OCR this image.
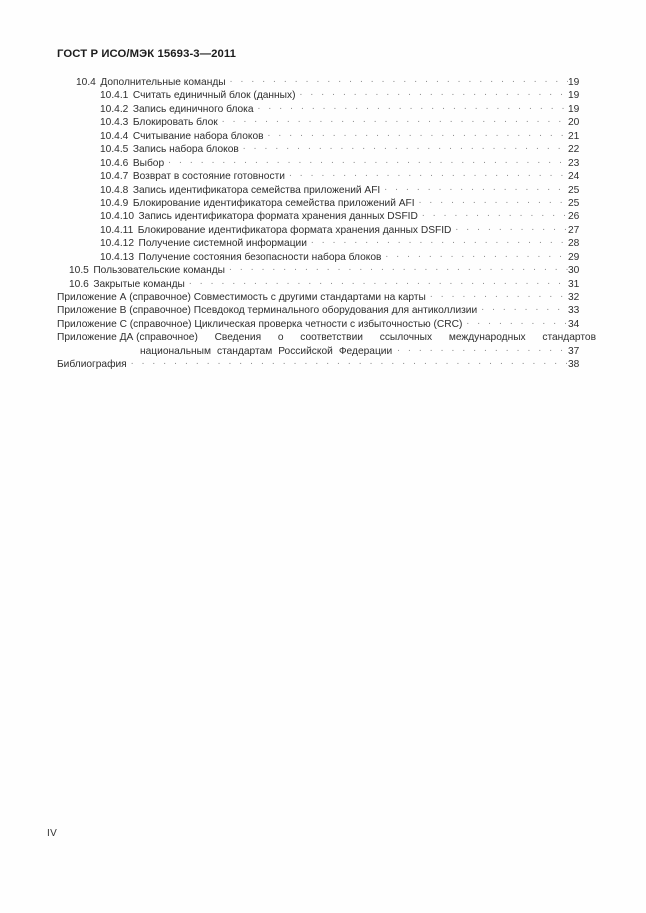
ГОСТ Р ИСО/МЭК 15693-3—2011
10.4 Дополнительные команды . . .	19
10.4.1 Считать единичный блок (данных) . . .	19
10.4.2 Запись единичного блока . . .	19
10.4.3 Блокировать блок . . .	20
10.4.4 Считывание набора блоков . . .	21
10.4.5 Запись набора блоков . . .	22
10.4.6 Выбор . . .	23
10.4.7 Возврат в состояние готовности . . .	24
10.4.8 Запись идентификатора семейства приложений AFI . . .	25
10.4.9 Блокирование идентификатора семейства приложений AFI . . .	25
10.4.10 Запись идентификатора формата хранения данных DSFID . . .	26
10.4.11 Блокирование идентификатора формата хранения данных DSFID . . .	27
10.4.12 Получение системной информации . . .	28
10.4.13 Получение состояния безопасности набора блоков . . .	29
10.5 Пользовательские команды . . .	30
10.6 Закрытые команды . . .	31
Приложение А (справочное) Совместимость с другими стандартами на карты . . .	32
Приложение В (справочное) Псевдокод терминального оборудования для антиколлизии . . .	33
Приложение С (справочное) Циклическая проверка четности с избыточностью (CRC) . . .	34
Приложение ДА (справочное) Сведения о соответствии ссылочных международных стандартов
национальным стандартам Российской Федерации . . .	37
Библиография . . .	38
IV
